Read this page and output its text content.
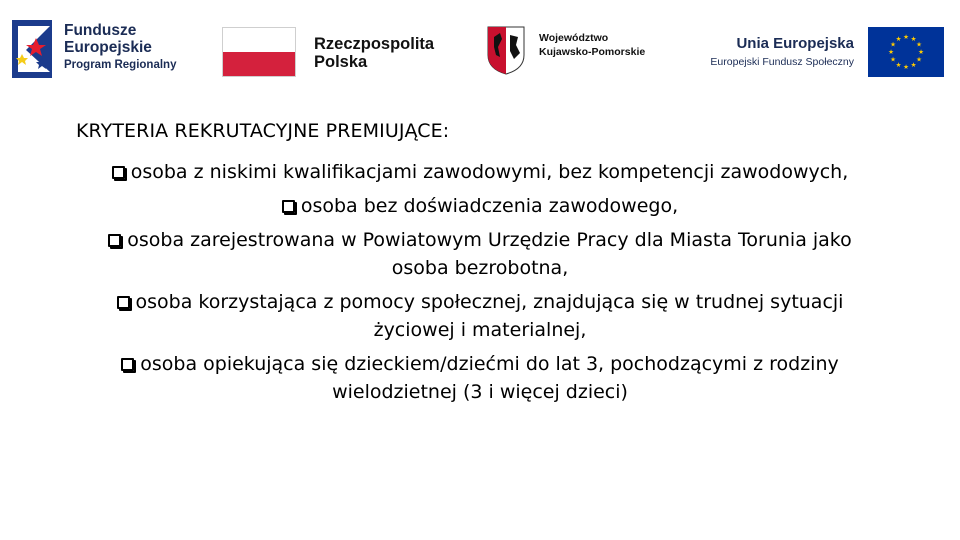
Fundusze
Europejskie
Program Regionalny
Rzeczpospolita
Polska
Województwo
Kujawsko-Pomorskie	Unia Europejska
Europejski Fundusz Społeczny
★
★
★
★
★
★
★
★
★ ★ ★
★
KRYTERIA REKRUTACYJNE PREMIUJĄCE:
osoba z niskimi kwalifikacjami zawodowymi, bez kompetencji zawodowych,
osoba bez doświadczenia zawodowego,
osoba zarejestrowana w Powiatowym Urzędzie Pracy dla Miasta Torunia jako osoba bezrobotna,
osoba korzystająca z pomocy społecznej, znajdująca się w trudnej sytuacji życiowej i materialnej,
osoba opiekująca się dzieckiem/dziećmi do lat 3, pochodzącymi z rodziny wielodzietnej (3 i więcej dzieci)
